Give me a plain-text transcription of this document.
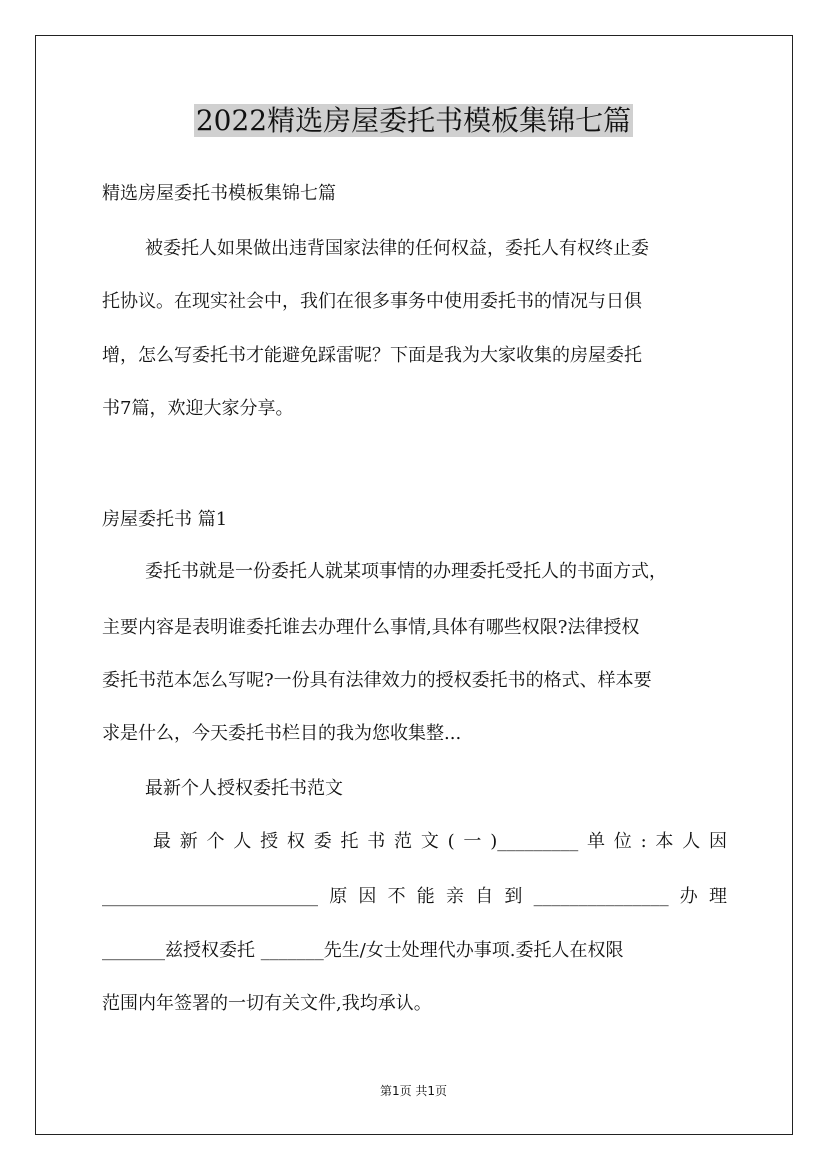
2022精选房屋委托书模板集锦七篇
精选房屋委托书模板集锦七篇
被委托人如果做出违背国家法律的任何权益，委托人有权终止委
托协议。在现实社会中，我们在很多事务中使用委托书的情况与日俱
增，怎么写委托书才能避免踩雷呢？下面是我为大家收集的房屋委托
书7篇，欢迎大家分享。
房屋委托书 篇1
委托书就是一份委托人就某项事情的办理委托受托人的书面方式，
主要内容是表明谁委托谁去办理什么事情,具体有哪些权限?法律授权
委托书范本怎么写呢?一份具有法律效力的授权委托书的格式、样本要
求是什么，今天委托书栏目的我为您收集整...
最新个人授权委托书范文
最新个人授权委托书范文(一)_________单位:本人因
________________________原因不能亲自到_______________办理
_______兹授权委托 _______先生/女士处理代办事项.委托人在权限
范围内年签署的一切有关文件,我均承认。
第1页 共1页
